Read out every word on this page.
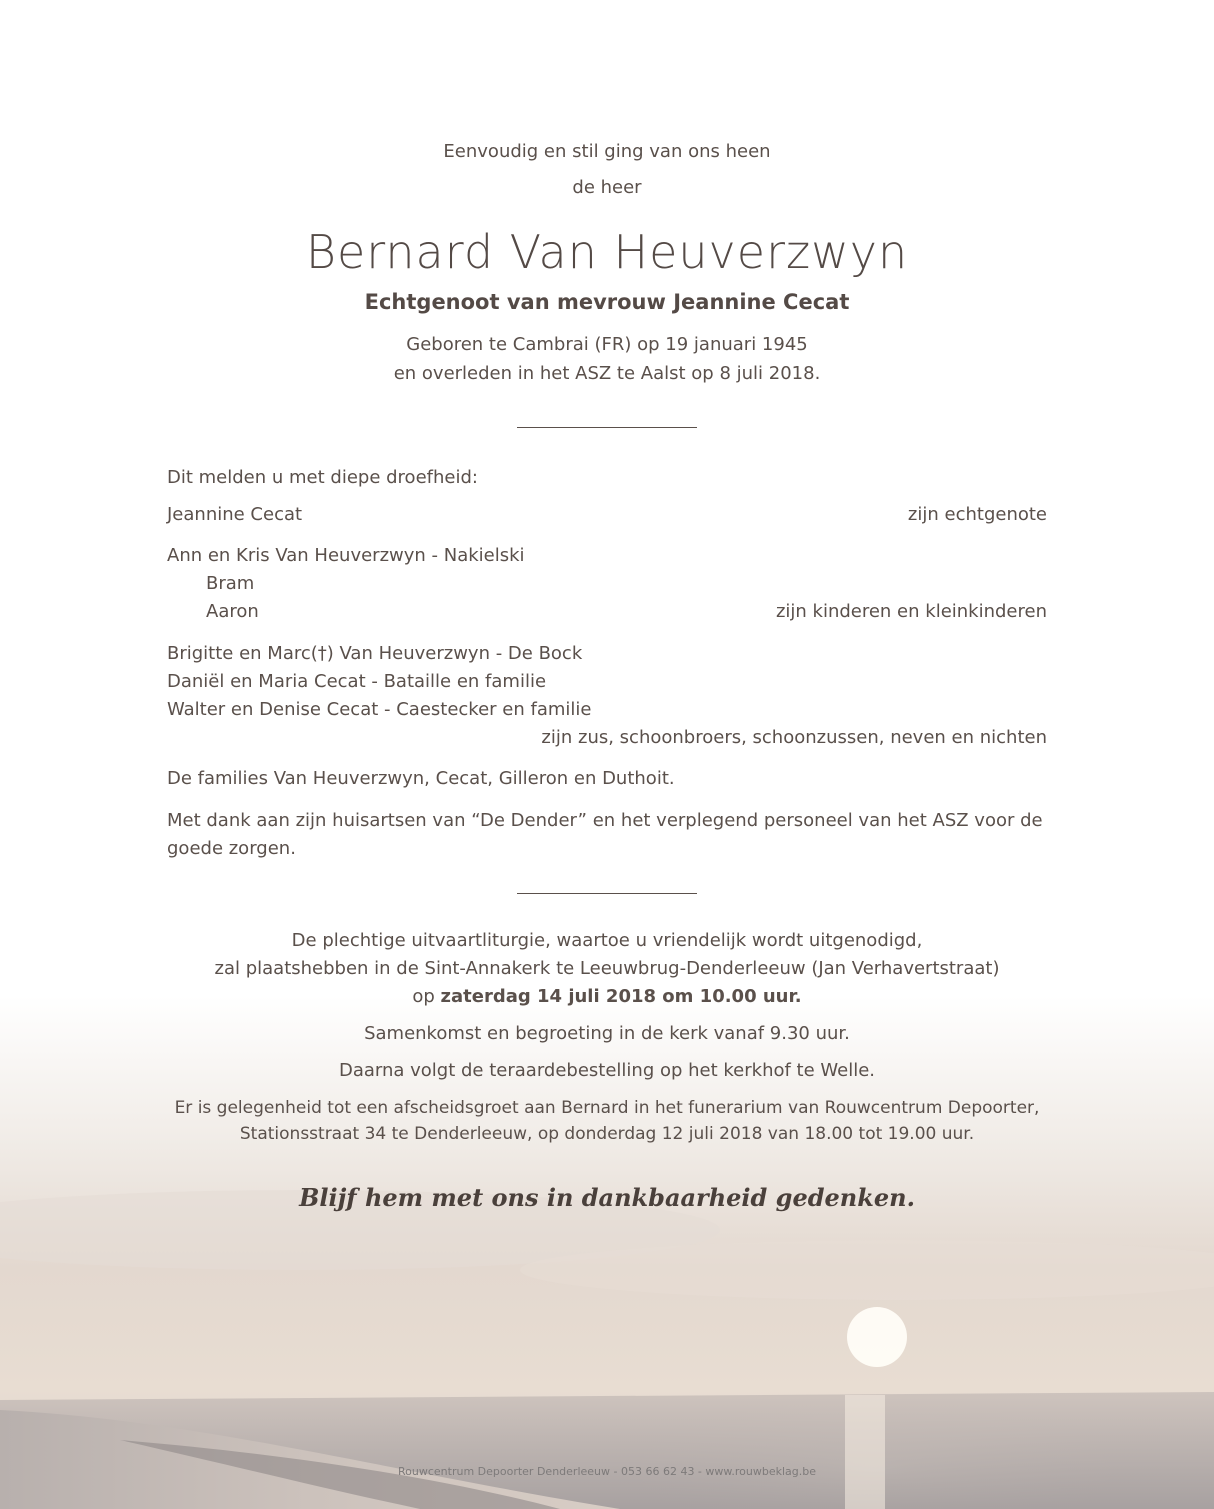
Eenvoudig en stil ging van ons heen
de heer
Bernard Van Heuverzwyn
Echtgenoot van mevrouw Jeannine Cecat
Geboren te Cambrai (FR) op 19 januari 1945
en overleden in het ASZ te Aalst op 8 juli 2018.
Dit melden u met diepe droefheid:
Jeannine Cecat	zijn echtgenote
Ann en Kris Van Heuverzwyn - Nakielski
Bram
Aaron	zijn kinderen en kleinkinderen
Brigitte en Marc(†) Van Heuverzwyn - De Bock
Daniël en Maria Cecat - Bataille en familie
Walter en Denise Cecat - Caestecker en familie
zijn zus, schoonbroers, schoonzussen, neven en nichten
De families Van Heuverzwyn, Cecat, Gilleron en Duthoit.
Met dank aan zijn huisartsen van “De Dender” en het verplegend personeel van het ASZ voor de
goede zorgen.
De plechtige uitvaartliturgie, waartoe u vriendelijk wordt uitgenodigd,
zal plaatshebben in de Sint-Annakerk te Leeuwbrug-Denderleeuw (Jan Verhavertstraat)
op zaterdag 14 juli 2018 om 10.00 uur.
Samenkomst en begroeting in de kerk vanaf 9.30 uur.
Daarna volgt de teraardebestelling op het kerkhof te Welle.
Er is gelegenheid tot een afscheidsgroet aan Bernard in het funerarium van Rouwcentrum Depoorter,
Stationsstraat 34 te Denderleeuw, op donderdag 12 juli 2018 van 18.00 tot 19.00 uur.
Blijf hem met ons in dankbaarheid gedenken.
Rouwcentrum Depoorter Denderleeuw - 053 66 62 43 - www.rouwbeklag.be
